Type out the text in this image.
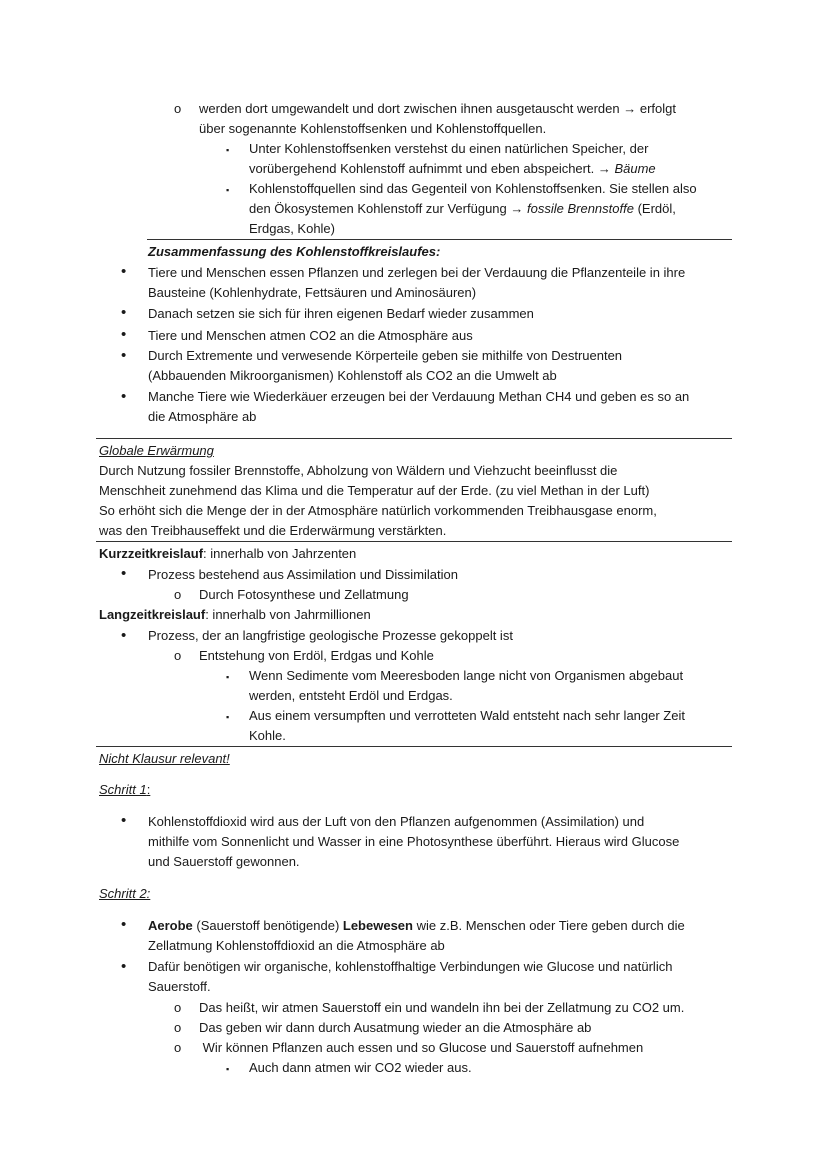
o werden dort umgewandelt und dort zwischen ihnen ausgetauscht werden → erfolgt
über sogenannte Kohlenstoffsenken und Kohlenstoffquellen.
▪ Unter Kohlenstoffsenken verstehst du einen natürlichen Speicher, der
vorübergehend Kohlenstoff aufnimmt und eben abspeichert. → Bäume
▪ Kohlenstoffquellen sind das Gegenteil von Kohlenstoffsenken. Sie stellen also
den Ökosystemen Kohlenstoff zur Verfügung → fossile Brennstoffe (Erdöl,
Erdgas, Kohle)
Zusammenfassung des Kohlenstoffkreislaufes:
• Tiere und Menschen essen Pflanzen und zerlegen bei der Verdauung die Pflanzenteile in ihre
Bausteine (Kohlenhydrate, Fettsäuren und Aminosäuren)
• Danach setzen sie sich für ihren eigenen Bedarf wieder zusammen
• Tiere und Menschen atmen CO2 an die Atmosphäre aus
• Durch Extremente und verwesende Körperteile geben sie mithilfe von Destruenten
(Abbauenden Mikroorganismen) Kohlenstoff als CO2 an die Umwelt ab
• Manche Tiere wie Wiederkäuer erzeugen bei der Verdauung Methan CH4 und geben es so an
die Atmosphäre ab
Globale Erwärmung
Durch Nutzung fossiler Brennstoffe, Abholzung von Wäldern und Viehzucht beeinflusst die
Menschheit zunehmend das Klima und die Temperatur auf der Erde. (zu viel Methan in der Luft)
So erhöht sich die Menge der in der Atmosphäre natürlich vorkommenden Treibhausgase enorm,
was den Treibhauseffekt und die Erderwärmung verstärkten.
Kurzzeitkreislauf: innerhalb von Jahrzenten
• Prozess bestehend aus Assimilation und Dissimilation
o Durch Fotosynthese und Zellatmung
Langzeitkreislauf: innerhalb von Jahrmillionen
• Prozess, der an langfristige geologische Prozesse gekoppelt ist
o Entstehung von Erdöl, Erdgas und Kohle
▪ Wenn Sedimente vom Meeresboden lange nicht von Organismen abgebaut
werden, entsteht Erdöl und Erdgas.
▪ Aus einem versumpften und verrotteten Wald entsteht nach sehr langer Zeit
Kohle.
Nicht Klausur relevant!
Schritt 1:
• Kohlenstoffdioxid wird aus der Luft von den Pflanzen aufgenommen (Assimilation) und
mithilfe vom Sonnenlicht und Wasser in eine Photosynthese überführt. Hieraus wird Glucose
und Sauerstoff gewonnen.
Schritt 2:
• Aerobe (Sauerstoff benötigende) Lebewesen wie z.B. Menschen oder Tiere geben durch die
Zellatmung Kohlenstoffdioxid an die Atmosphäre ab
• Dafür benötigen wir organische, kohlenstoffhaltige Verbindungen wie Glucose und natürlich
Sauerstoff.
o Das heißt, wir atmen Sauerstoff ein und wandeln ihn bei der Zellatmung zu CO2 um.
o Das geben wir dann durch Ausatmung wieder an die Atmosphäre ab
o Wir können Pflanzen auch essen und so Glucose und Sauerstoff aufnehmen
▪ Auch dann atmen wir CO2 wieder aus.
